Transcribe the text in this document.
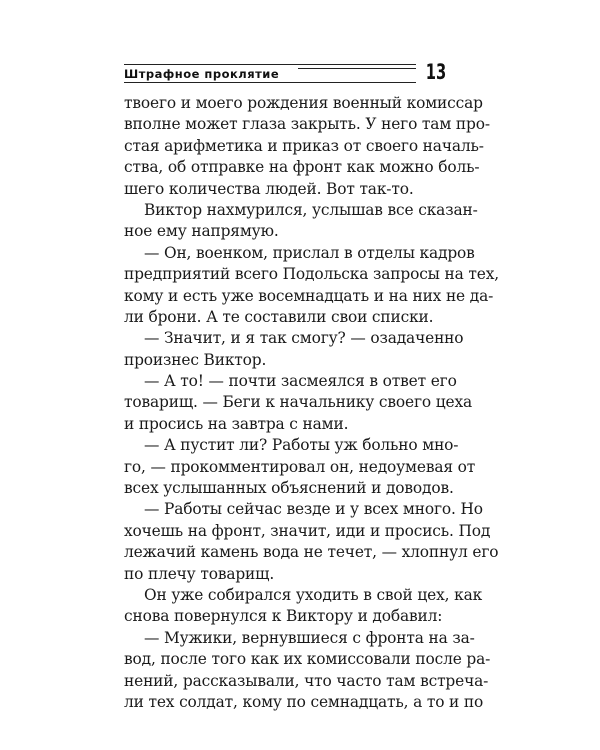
Штрафное проклятие	13
твоего и моего рождения военный комиссар
вполне может глаза закрыть. У него там про-
стая арифметика и приказ от своего началь-
ства, об отправке на фронт как можно боль-
шего количества людей. Вот так-то.
Виктор нахмурился, услышав все сказан-
ное ему напрямую.
— Он, военком, прислал в отделы кадров
предприятий всего Подольска запросы на тех,
кому и есть уже восемнадцать и на них не да-
ли брони. А те составили свои списки.
— Значит, и я так смогу? — озадаченно
произнес Виктор.
— А то! — почти засмеялся в ответ его
товарищ. — Беги к начальнику своего цеха
и просись на завтра с нами.
— А пустит ли? Работы уж больно мно-
го, — прокомментировал он, недоумевая от
всех услышанных объяснений и доводов.
— Работы сейчас везде и у всех много. Но
хочешь на фронт, значит, иди и просись. Под
лежачий камень вода не течет, — хлопнул его
по плечу товарищ.
Он уже собирался уходить в свой цех, как
снова повернулся к Виктору и добавил:
— Мужики, вернувшиеся с фронта на за-
вод, после того как их комиссовали после ра-
нений, рассказывали, что часто там встреча-
ли тех солдат, кому по семнадцать, а то и по
